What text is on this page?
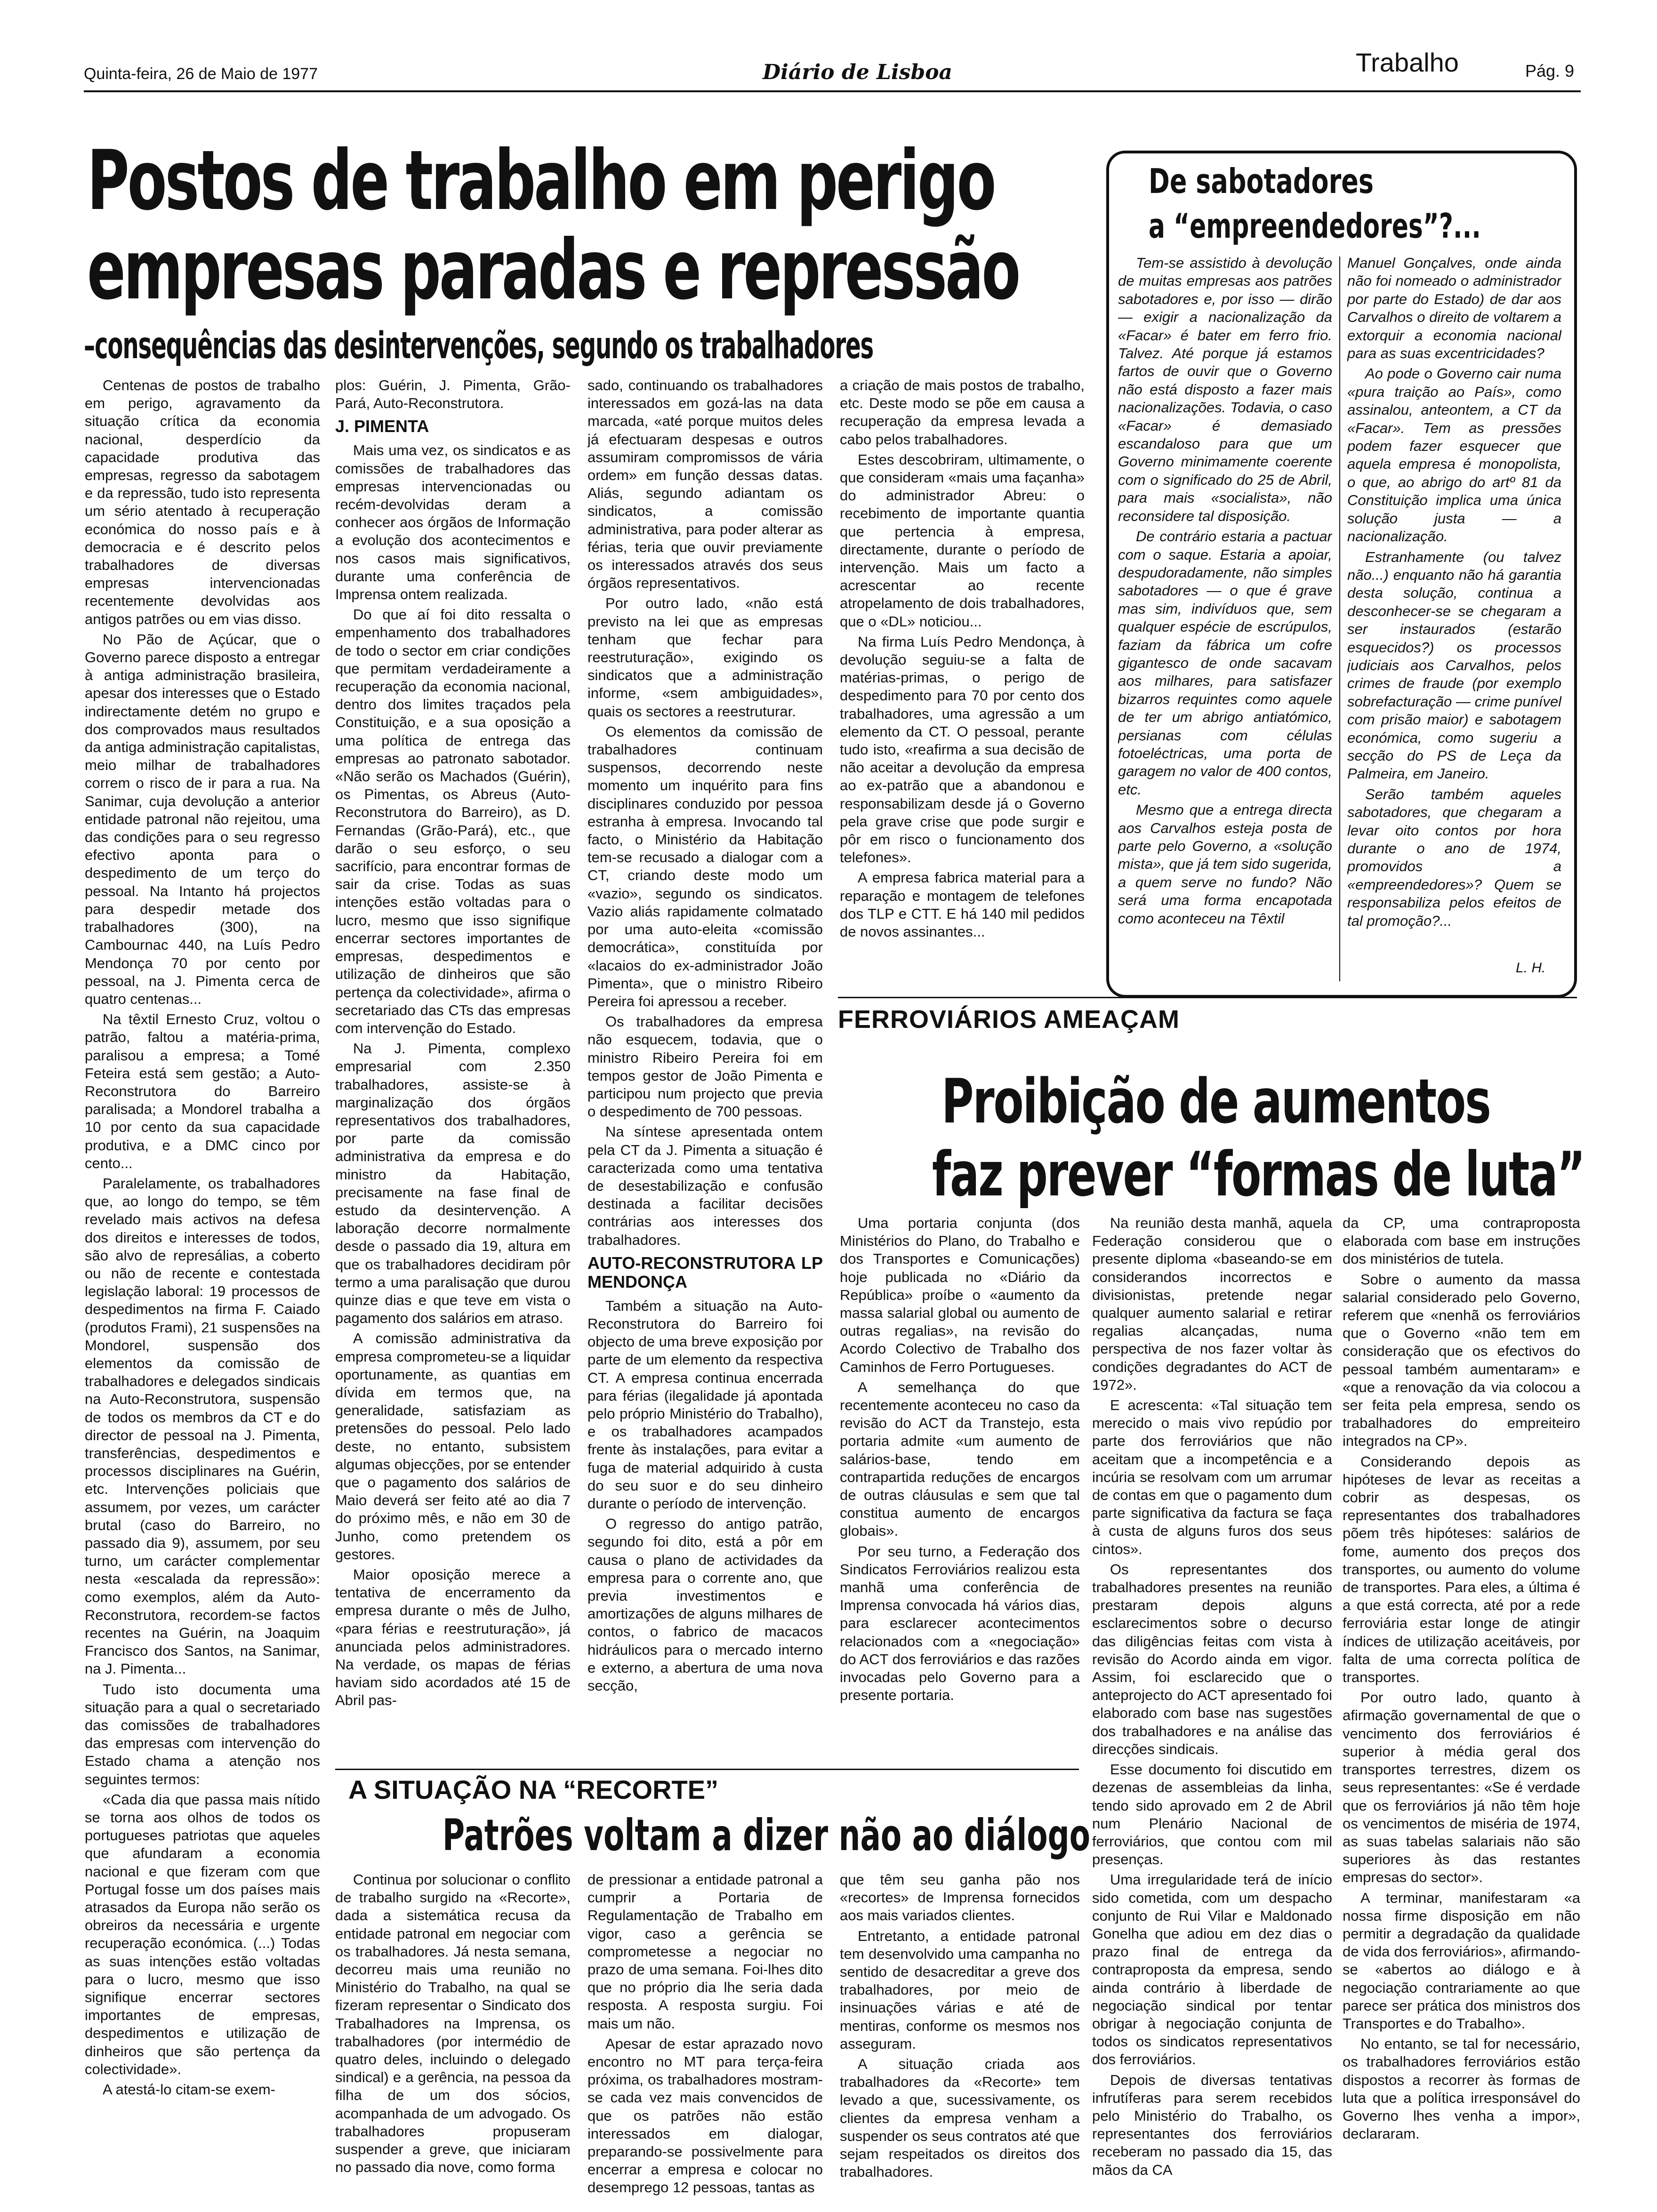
Quinta-feira, 26 de Maio de 1977	Diário de Lisboa	Trabalho	Pág. 9
Postos de trabalho em perigo
empresas paradas e repressão
–consequências das desintervenções, segundo os trabalhadores

Centenas de postos de trabalho em perigo, agravamento da situação crítica da economia nacional, desperdício da capacidade produtiva das empresas, regresso da sabotagem e da repressão, tudo isto representa um sério atentado à recuperação económica do nosso país e à democracia e é descrito pelos trabalhadores de diversas empresas intervencionadas recentemente devolvidas aos antigos patrões ou em vias disso.

No Pão de Açúcar, que o Governo parece disposto a entregar à antiga administração brasileira, apesar dos interesses que o Estado indirectamente detém no grupo e dos comprovados maus resultados da antiga administração capitalistas, meio milhar de trabalhadores correm o risco de ir para a rua. Na Sanimar, cuja devolução a anterior entidade patronal não rejeitou, uma das condições para o seu regresso efectivo aponta para o despedimento de um terço do pessoal. Na Intanto há projectos para despedir metade dos trabalhadores (300), na Cambournac 440, na Luís Pedro Mendonça 70 por cento por pessoal, na J. Pimenta cerca de quatro centenas...

Na têxtil Ernesto Cruz, voltou o patrão, faltou a matéria-prima, paralisou a empresa; a Tomé Feteira está sem gestão; a Auto-Reconstrutora do Barreiro paralisada; a Mondorel trabalha a 10 por cento da sua capacidade produtiva, e a DMC cinco por cento...

Paralelamente, os trabalhadores que, ao longo do tempo, se têm revelado mais activos na defesa dos direitos e interesses de todos, são alvo de represálias, a coberto ou não de recente e contestada legislação laboral: 19 processos de despedimentos na firma F. Caiado (produtos Frami), 21 suspensões na Mondorel, suspensão dos elementos da comissão de trabalhadores e delegados sindicais na Auto-Reconstrutora, suspensão de todos os membros da CT e do director de pessoal na J. Pimenta, transferências, despedimentos e processos disciplinares na Guérin, etc. Intervenções policiais que assumem, por vezes, um carácter brutal (caso do Barreiro, no passado dia 9), assumem, por seu turno, um carácter complementar nesta «escalada da repressão»: como exemplos, além da Auto-Reconstrutora, recordem-se factos recentes na Guérin, na Joaquim Francisco dos Santos, na Sanimar, na J. Pimenta...

Tudo isto documenta uma situação para a qual o secretariado das comissões de trabalhadores das empresas com intervenção do Estado chama a atenção nos seguintes termos:

«Cada dia que passa mais nítido se torna aos olhos de todos os portugueses patriotas que aqueles que afundaram a economia nacional e que fizeram com que Portugal fosse um dos países mais atrasados da Europa não serão os obreiros da necessária e urgente recuperação económica. (...) Todas as suas intenções estão voltadas para o lucro, mesmo que isso signifique encerrar sectores importantes de empresas, despedimentos e utilização de dinheiros que são pertença da colectividade».

A atestá-lo citam-se exem-

plos: Guérin, J. Pimenta, Grão-Pará, Auto-Reconstrutora.

J. PIMENTA

Mais uma vez, os sindicatos e as comissões de trabalhadores das empresas intervencionadas ou recém-devolvidas deram a conhecer aos órgãos de Informação a evolução dos acontecimentos e nos casos mais significativos, durante uma conferência de Imprensa ontem realizada.

Do que aí foi dito ressalta o empenhamento dos trabalhadores de todo o sector em criar condições que permitam verdadeiramente a recuperação da economia nacional, dentro dos limites traçados pela Constituição, e a sua oposição a uma política de entrega das empresas ao patronato sabotador. «Não serão os Machados (Guérin), os Pimentas, os Abreus (Auto-Reconstrutora do Barreiro), as D. Fernandas (Grão-Pará), etc., que darão o seu esforço, o seu sacrifício, para encontrar formas de sair da crise. Todas as suas intenções estão voltadas para o lucro, mesmo que isso signifique encerrar sectores importantes de empresas, despedimentos e utilização de dinheiros que são pertença da colectividade», afirma o secretariado das CTs das empresas com intervenção do Estado.

Na J. Pimenta, complexo empresarial com 2.350 trabalhadores, assiste-se à marginalização dos órgãos representativos dos trabalhadores, por parte da comissão administrativa da empresa e do ministro da Habitação, precisamente na fase final de estudo da desintervenção. A laboração decorre normalmente desde o passado dia 19, altura em que os trabalhadores decidiram pôr termo a uma paralisação que durou quinze dias e que teve em vista o pagamento dos salários em atraso.

A comissão administrativa da empresa comprometeu-se a liquidar oportunamente, as quantias em dívida em termos que, na generalidade, satisfaziam as pretensões do pessoal. Pelo lado deste, no entanto, subsistem algumas objecções, por se entender que o pagamento dos salários de Maio deverá ser feito até ao dia 7 do próximo mês, e não em 30 de Junho, como pretendem os gestores.

Maior oposição merece a tentativa de encerramento da empresa durante o mês de Julho, «para férias e reestruturação», já anunciada pelos administradores. Na verdade, os mapas de férias haviam sido acordados até 15 de Abril pas-

sado, continuando os trabalhadores interessados em gozá-las na data marcada, «até porque muitos deles já efectuaram despesas e outros assumiram compromissos de vária ordem» em função dessas datas. Aliás, segundo adiantam os sindicatos, a comissão administrativa, para poder alterar as férias, teria que ouvir previamente os interessados através dos seus órgãos representativos.

Por outro lado, «não está previsto na lei que as empresas tenham que fechar para reestruturação», exigindo os sindicatos que a administração informe, «sem ambiguidades», quais os sectores a reestruturar.

Os elementos da comissão de trabalhadores continuam suspensos, decorrendo neste momento um inquérito para fins disciplinares conduzido por pessoa estranha à empresa. Invocando tal facto, o Ministério da Habitação tem-se recusado a dialogar com a CT, criando deste modo um «vazio», segundo os sindicatos. Vazio aliás rapidamente colmatado por uma auto-eleita «comissão democrática», constituída por «lacaios do ex-administrador João Pimenta», que o ministro Ribeiro Pereira foi apressou a receber.

Os trabalhadores da empresa não esquecem, todavia, que o ministro Ribeiro Pereira foi em tempos gestor de João Pimenta e participou num projecto que previa o despedimento de 700 pessoas.

Na síntese apresentada ontem pela CT da J. Pimenta a situação é caracterizada como uma tentativa de desestabilização e confusão destinada a facilitar decisões contrárias aos interesses dos trabalhadores.

AUTO-RECONSTRUTORA LP MENDONÇA

Também a situação na Auto-Reconstrutora do Barreiro foi objecto de uma breve exposição por parte de um elemento da respectiva CT. A empresa continua encerrada para férias (ilegalidade já apontada pelo próprio Ministério do Trabalho), e os trabalhadores acampados frente às instalações, para evitar a fuga de material adquirido à custa do seu suor e do seu dinheiro durante o período de intervenção.

O regresso do antigo patrão, segundo foi dito, está a pôr em causa o plano de actividades da empresa para o corrente ano, que previa investimentos e amortizações de alguns milhares de contos, o fabrico de macacos hidráulicos para o mercado interno e externo, a abertura de uma nova secção,

a criação de mais postos de trabalho, etc. Deste modo se põe em causa a recuperação da empresa levada a cabo pelos trabalhadores.

Estes descobriram, ultimamente, o que consideram «mais uma façanha» do administrador Abreu: o recebimento de importante quantia que pertencia à empresa, directamente, durante o período de intervenção. Mais um facto a acrescentar ao recente atropelamento de dois trabalhadores, que o «DL» noticiou...

Na firma Luís Pedro Mendonça, à devolução seguiu-se a falta de matérias-primas, o perigo de despedimento para 70 por cento dos trabalhadores, uma agressão a um elemento da CT. O pessoal, perante tudo isto, «reafirma a sua decisão de não aceitar a devolução da empresa ao ex-patrão que a abandonou e responsabilizam desde já o Governo pela grave crise que pode surgir e pôr em risco o funcionamento dos telefones».

A empresa fabrica material para a reparação e montagem de telefones dos TLP e CTT. E há 140 mil pedidos de novos assinantes...

De sabotadores
a “empreendedores”?...

Tem-se assistido à devolução de muitas empresas aos patrões sabotadores e, por isso — dirão — exigir a nacionalização da «Facar» é bater em ferro frio. Talvez. Até porque já estamos fartos de ouvir que o Governo não está disposto a fazer mais nacionalizações. Todavia, o caso «Facar» é demasiado escandaloso para que um Governo minimamente coerente com o significado do 25 de Abril, para mais «socialista», não reconsidere tal disposição.

De contrário estaria a pactuar com o saque. Estaria a apoiar, despudoradamente, não simples sabotadores — o que é grave mas sim, indivíduos que, sem qualquer espécie de escrúpulos, faziam da fábrica um cofre gigantesco de onde sacavam aos milhares, para satisfazer bizarros requintes como aquele de ter um abrigo antiatómico, persianas com células fotoeléctricas, uma porta de garagem no valor de 400 contos, etc.

Mesmo que a entrega directa aos Carvalhos esteja posta de parte pelo Governo, a «solução mista», que já tem sido sugerida, a quem serve no fundo? Não será uma forma encapotada como aconteceu na Têxtil

Manuel Gonçalves, onde ainda não foi nomeado o administrador por parte do Estado) de dar aos Carvalhos o direito de voltarem a extorquir a economia nacional para as suas excentricidades?

Ao pode o Governo cair numa «pura traição ao País», como assinalou, anteontem, a CT da «Facar». Tem as pressões podem fazer esquecer que aquela empresa é monopolista, o que, ao abrigo do artº 81 da Constituição implica uma única solução justa — a nacionalização.

Estranhamente (ou talvez não...) enquanto não há garantia desta solução, continua a desconhecer-se se chegaram a ser instaurados (estarão esquecidos?) os processos judiciais aos Carvalhos, pelos crimes de fraude (por exemplo sobrefacturação — crime punível com prisão maior) e sabotagem económica, como sugeriu a secção do PS de Leça da Palmeira, em Janeiro.

Serão também aqueles sabotadores, que chegaram a levar oito contos por hora durante o ano de 1974, promovidos a «empreendedores»? Quem se responsabiliza pelos efeitos de tal promoção?...

L. H.
FERROVIÁRIOS AMEAÇAM
Proibição de aumentos
faz prever “formas de luta”

Uma portaria conjunta (dos Ministérios do Plano, do Trabalho e dos Transportes e Comunicações) hoje publicada no «Diário da República» proíbe o «aumento da massa salarial global ou aumento de outras regalias», na revisão do Acordo Colectivo de Trabalho dos Caminhos de Ferro Portugueses.

A semelhança do que recentemente aconteceu no caso da revisão do ACT da Transtejo, esta portaria admite «um aumento de salários-base, tendo em contrapartida reduções de encargos de outras cláusulas e sem que tal constitua aumento de encargos globais».

Por seu turno, a Federação dos Sindicatos Ferroviários realizou esta manhã uma conferência de Imprensa convocada há vários dias, para esclarecer acontecimentos relacionados com a «negociação» do ACT dos ferroviários e das razões invocadas pelo Governo para a presente portaria.

Na reunião desta manhã, aquela Federação considerou que o presente diploma «baseando-se em considerandos incorrectos e divisionistas, pretende negar qualquer aumento salarial e retirar regalias alcançadas, numa perspectiva de nos fazer voltar às condições degradantes do ACT de 1972».

E acrescenta: «Tal situação tem merecido o mais vivo repúdio por parte dos ferroviários que não aceitam que a incompetência e a incúria se resolvam com um arrumar de contas em que o pagamento dum parte significativa da factura se faça à custa de alguns furos dos seus cintos».

Os representantes dos trabalhadores presentes na reunião prestaram depois alguns esclarecimentos sobre o decurso das diligências feitas com vista à revisão do Acordo ainda em vigor. Assim, foi esclarecido que o anteprojecto do ACT apresentado foi elaborado com base nas sugestões dos trabalhadores e na análise das direcções sindicais.

Esse documento foi discutido em dezenas de assembleias da linha, tendo sido aprovado em 2 de Abril num Plenário Nacional de ferroviários, que contou com mil presenças.

Uma irregularidade terá de início sido cometida, com um despacho conjunto de Rui Vilar e Maldonado Gonelha que adiou em dez dias o prazo final de entrega da contraproposta da empresa, sendo ainda contrário à liberdade de negociação sindical por tentar obrigar à negociação conjunta de todos os sindicatos representativos dos ferroviários.

Depois de diversas tentativas infrutíferas para serem recebidos pelo Ministério do Trabalho, os representantes dos ferroviários receberam no passado dia 15, das mãos da CA

da CP, uma contraproposta elaborada com base em instruções dos ministérios de tutela.

Sobre o aumento da massa salarial considerado pelo Governo, referem que «nenhã os ferroviários que o Governo «não tem em consideração que os efectivos do pessoal também aumentaram» e «que a renovação da via colocou a ser feita pela empresa, sendo os trabalhadores do empreiteiro integrados na CP».

Considerando depois as hipóteses de levar as receitas a cobrir as despesas, os representantes dos trabalhadores põem três hipóteses: salários de fome, aumento dos preços dos transportes, ou aumento do volume de transportes. Para eles, a última é a que está correcta, até por a rede ferroviária estar longe de atingir índices de utilização aceitáveis, por falta de uma correcta política de transportes.

Por outro lado, quanto à afirmação governamental de que o vencimento dos ferroviários é superior à média geral dos transportes terrestres, dizem os seus representantes: «Se é verdade que os ferroviários já não têm hoje os vencimentos de miséria de 1974, as suas tabelas salariais não são superiores às das restantes empresas do sector».

A terminar, manifestaram «a nossa firme disposição em não permitir a degradação da qualidade de vida dos ferroviários», afirmando-se «abertos ao diálogo e à negociação contrariamente ao que parece ser prática dos ministros dos Transportes e do Trabalho».

No entanto, se tal for necessário, os trabalhadores ferroviários estão dispostos a recorrer às formas de luta que a política irresponsável do Governo lhes venha a impor», declararam.

A SITUAÇÃO NA “RECORTE”
Patrões voltam a dizer não ao diálogo

Continua por solucionar o conflito de trabalho surgido na «Recorte», dada a sistemática recusa da entidade patronal em negociar com os trabalhadores. Já nesta semana, decorreu mais uma reunião no Ministério do Trabalho, na qual se fizeram representar o Sindicato dos Trabalhadores na Imprensa, os trabalhadores (por intermédio de quatro deles, incluindo o delegado sindical) e a gerência, na pessoa da filha de um dos sócios, acompanhada de um advogado. Os trabalhadores propuseram suspender a greve, que iniciaram no passado dia nove, como forma

de pressionar a entidade patronal a cumprir a Portaria de Regulamentação de Trabalho em vigor, caso a gerência se comprometesse a negociar no prazo de uma semana. Foi-lhes dito que no próprio dia lhe seria dada resposta. A resposta surgiu. Foi mais um não.

Apesar de estar aprazado novo encontro no MT para terça-feira próxima, os trabalhadores mostram-se cada vez mais convencidos de que os patrões não estão interessados em dialogar, preparando-se possivelmente para encerrar a empresa e colocar no desemprego 12 pessoas, tantas as

que têm seu ganha pão nos «recortes» de Imprensa fornecidos aos mais variados clientes.

Entretanto, a entidade patronal tem desenvolvido uma campanha no sentido de desacreditar a greve dos trabalhadores, por meio de insinuações várias e até de mentiras, conforme os mesmos nos asseguram.

A situação criada aos trabalhadores da «Recorte» tem levado a que, sucessivamente, os clientes da empresa venham a suspender os seus contratos até que sejam respeitados os direitos dos trabalhadores.
